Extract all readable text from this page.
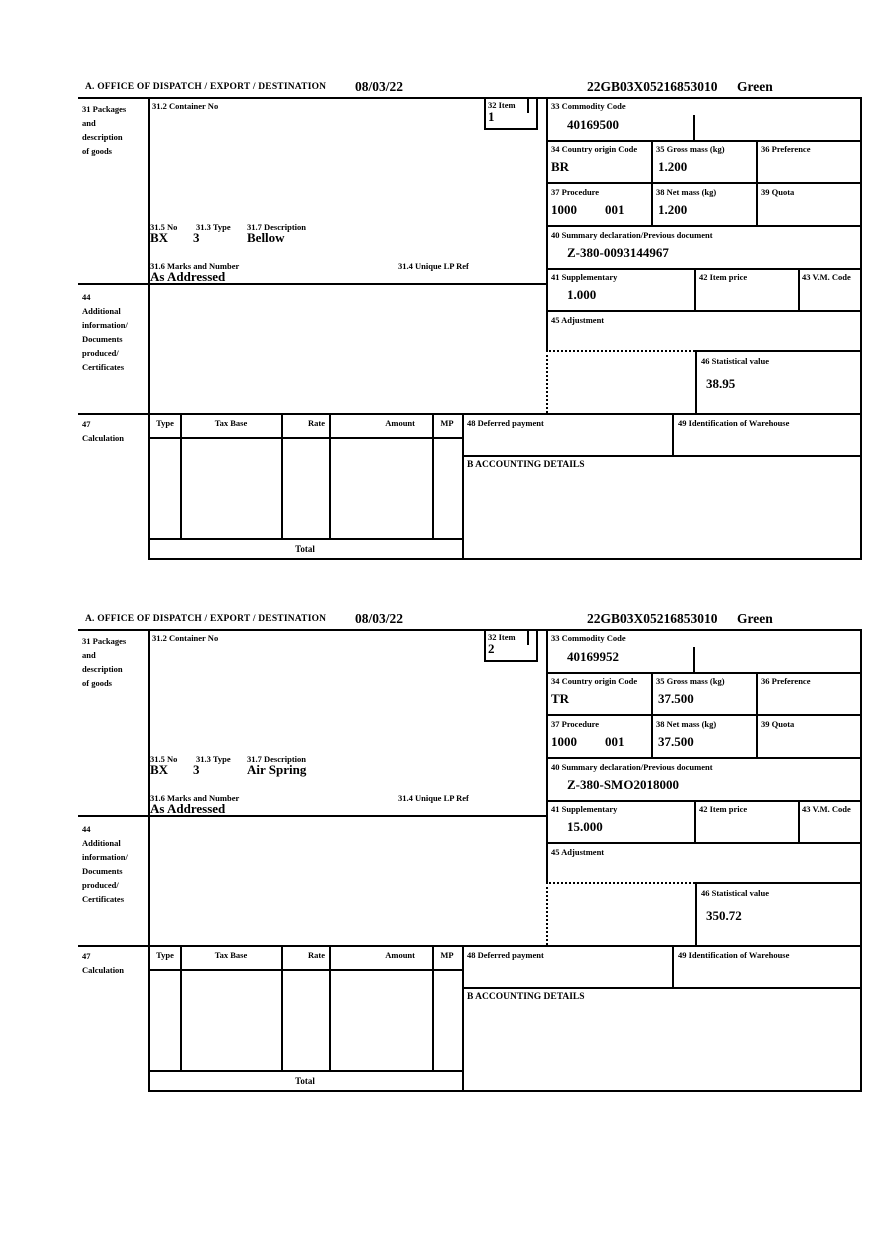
A. OFFICE OF DISPATCH / EXPORT / DESTINATION 08/03/22	22GB03X05216853010 Green
31 Packages
and
description
of goods
44
Additional
information/
Documents
produced/
Certificates
47
Calculation
31.2 Container No	32 Item
1
31.5 No 31.3 Type 31.7 Description
BX 3	Bellow
31.6 Marks and Number	31.4 Unique LP Ref
As Addressed
33 Commodity Code
40169500
34 Country origin Code
BR
35 Gross mass (kg)
1.200
36 Preference
37 Procedure
1000 001
38 Net mass (kg)
1.200
39 Quota
40 Summary declaration/Previous document
Z-380-0093144967
41 Supplementary
1.000
42 Item price	43 V.M. Code
45 Adjustment
46 Statistical value
38.95
Type	Tax Base	Rate	Amount	MP
Total
48 Deferred payment	49 Identification of Warehouse
B ACCOUNTING DETAILS
A. OFFICE OF DISPATCH / EXPORT / DESTINATION 08/03/22	22GB03X05216853010 Green
31 Packages
and
description
of goods
44
Additional
information/
Documents
produced/
Certificates
47
Calculation
31.2 Container No	32 Item
2
31.5 No 31.3 Type 31.7 Description
BX 3	Air Spring
31.6 Marks and Number	31.4 Unique LP Ref
As Addressed
33 Commodity Code
40169952
34 Country origin Code
TR
35 Gross mass (kg)
37.500
36 Preference
37 Procedure
1000 001
38 Net mass (kg)
37.500
39 Quota
40 Summary declaration/Previous document
Z-380-SMO2018000
41 Supplementary
15.000
42 Item price	43 V.M. Code
45 Adjustment
46 Statistical value
350.72
Type	Tax Base	Rate	Amount	MP
Total
48 Deferred payment	49 Identification of Warehouse
B ACCOUNTING DETAILS
